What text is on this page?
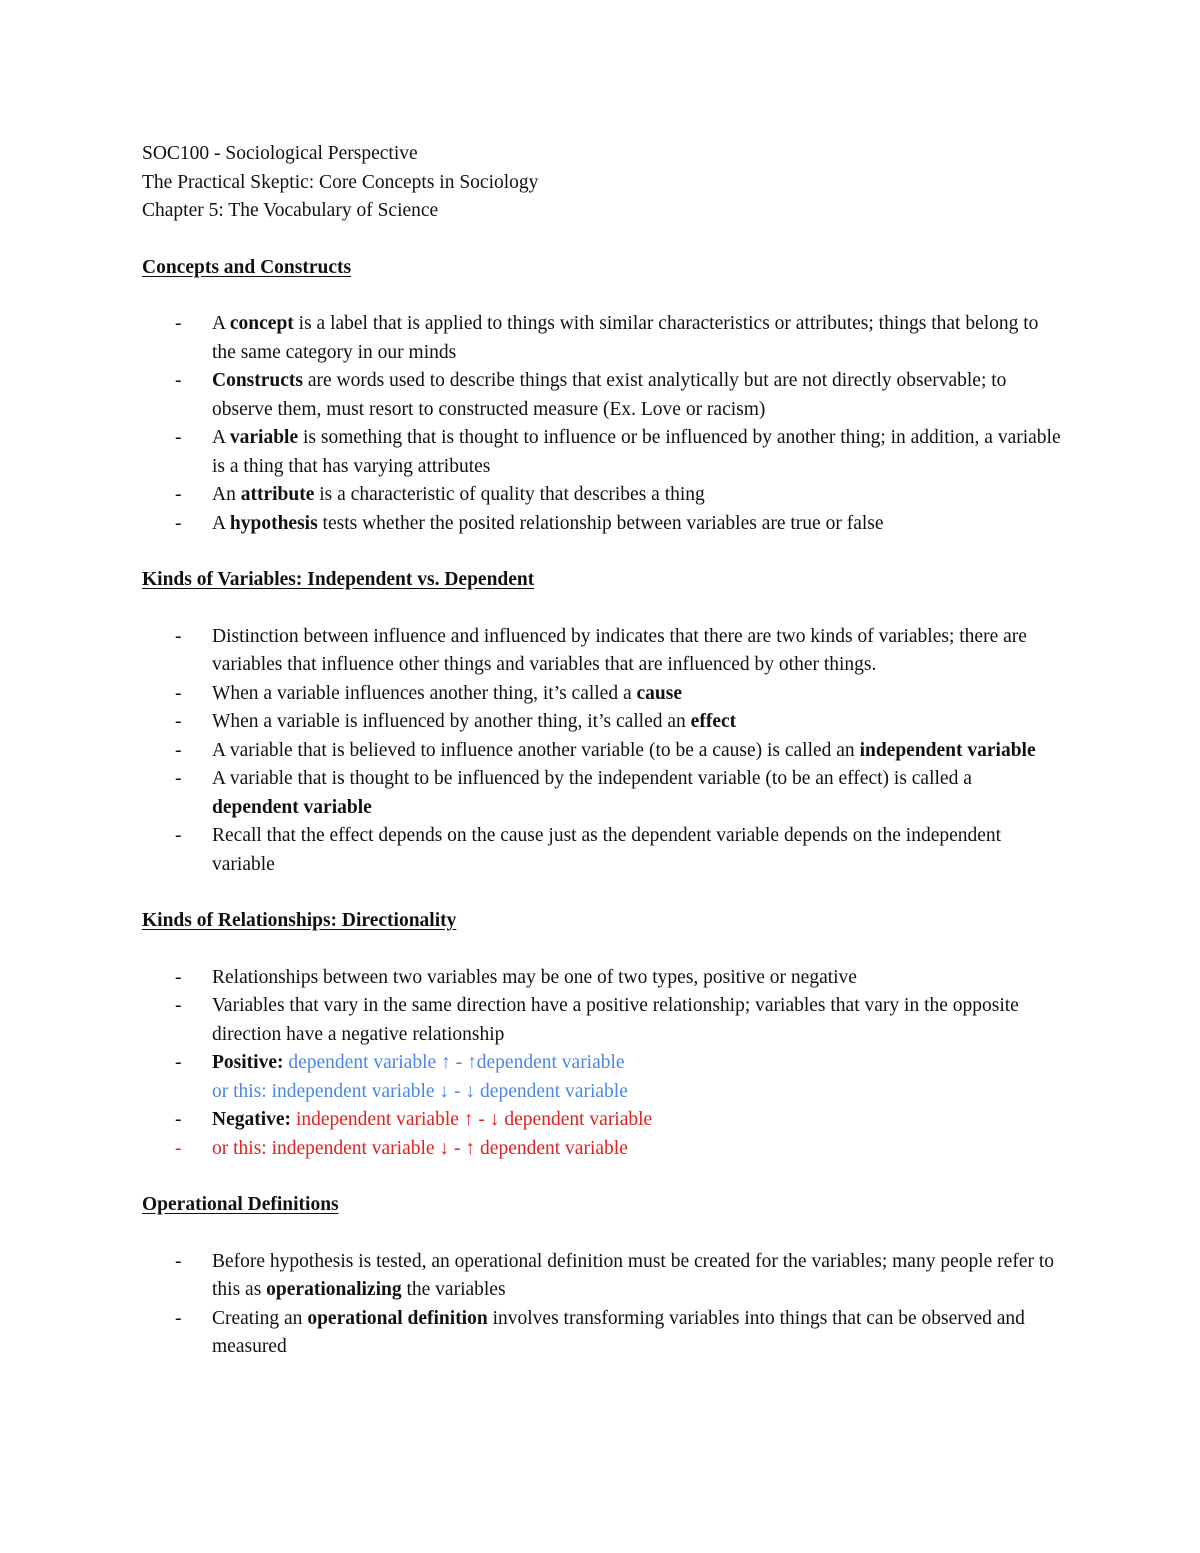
SOC100 - Sociological Perspective
The Practical Skeptic: Core Concepts in Sociology
Chapter 5: The Vocabulary of Science
Concepts and Constructs
- A concept is a label that is applied to things with similar characteristics or attributes; things that belong to the same category in our minds
- Constructs are words used to describe things that exist analytically but are not directly observable; to observe them, must resort to constructed measure (Ex. Love or racism)
- A variable is something that is thought to influence or be influenced by another thing; in addition, a variable is a thing that has varying attributes
- An attribute is a characteristic of quality that describes a thing
- A hypothesis tests whether the posited relationship between variables are true or false
Kinds of Variables: Independent vs. Dependent
- Distinction between influence and influenced by indicates that there are two kinds of variables; there are variables that influence other things and variables that are influenced by other things.
- When a variable influences another thing, it’s called a cause
- When a variable is influenced by another thing, it’s called an effect
- A variable that is believed to influence another variable (to be a cause) is called an independent variable
- A variable that is thought to be influenced by the independent variable (to be an effect) is called a dependent variable
- Recall that the effect depends on the cause just as the dependent variable depends on the independent variable
Kinds of Relationships: Directionality
- Relationships between two variables may be one of two types, positive or negative
- Variables that vary in the same direction have a positive relationship; variables that vary in the opposite direction have a negative relationship
- Positive: dependent variable ↑ - ↑dependent variable
or this: independent variable ↓ - ↓ dependent variable
- Negative: independent variable ↑ - ↓ dependent variable
- or this: independent variable ↓ - ↑ dependent variable
Operational Definitions
- Before hypothesis is tested, an operational definition must be created for the variables; many people refer to this as operationalizing the variables
- Creating an operational definition involves transforming variables into things that can be observed and measured
